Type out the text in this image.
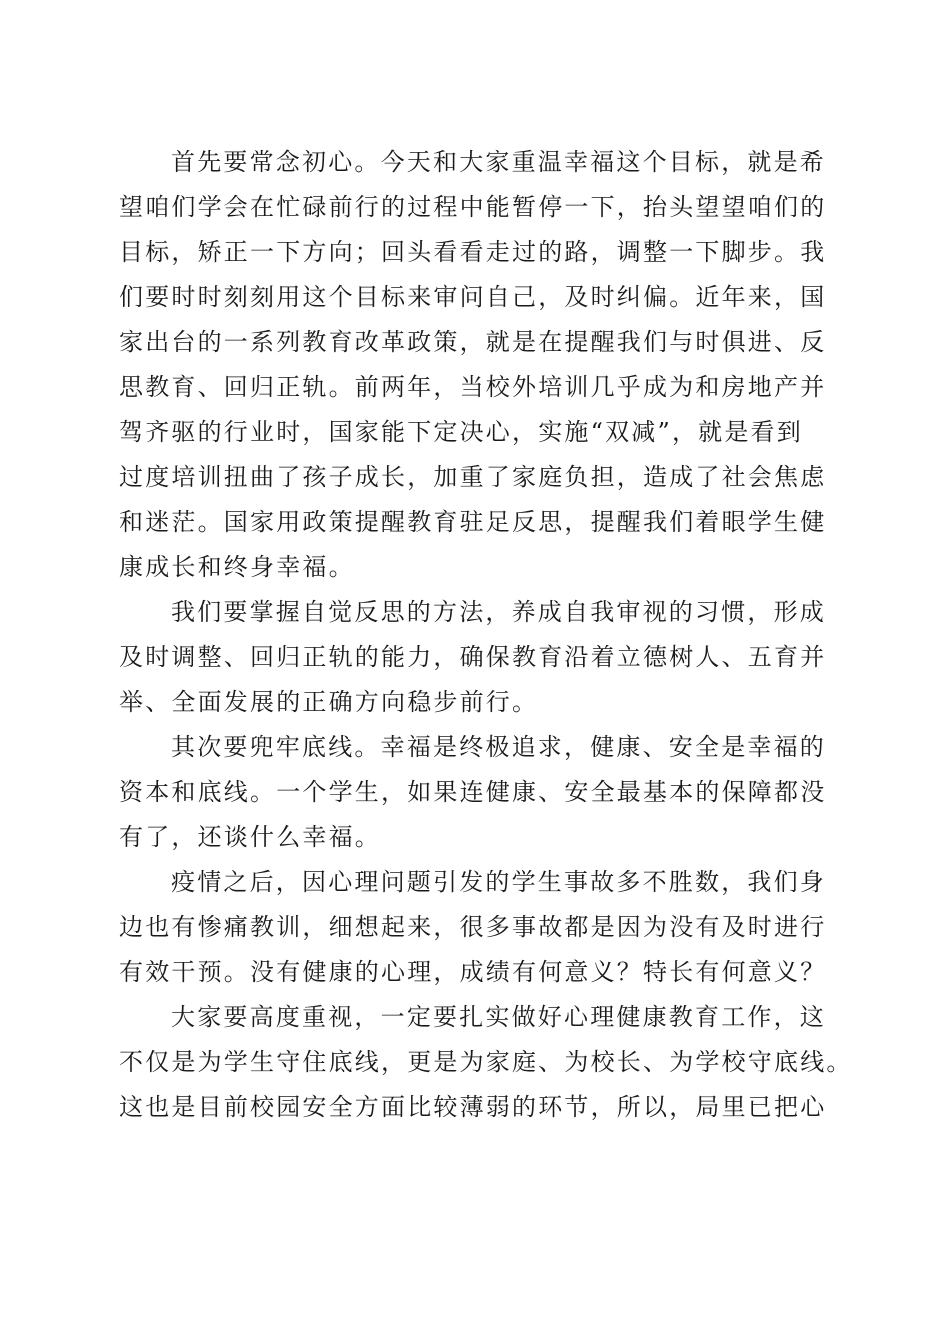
首先要常念初心。今天和大家重温幸福这个目标，就是希
望咱们学会在忙碌前行的过程中能暂停一下，抬头望望咱们的
目标，矫正一下方向；回头看看走过的路，调整一下脚步。我
们要时时刻刻用这个目标来审问自己，及时纠偏。近年来，国
家出台的一系列教育改革政策，就是在提醒我们与时俱进、反
思教育、回归正轨。前两年，当校外培训几乎成为和房地产并
驾齐驱的行业时，国家能下定决心，实施“双减”，就是看到
过度培训扭曲了孩子成长，加重了家庭负担，造成了社会焦虑
和迷茫。国家用政策提醒教育驻足反思，提醒我们着眼学生健
康成长和终身幸福。
我们要掌握自觉反思的方法，养成自我审视的习惯，形成
及时调整、回归正轨的能力，确保教育沿着立德树人、五育并
举、全面发展的正确方向稳步前行。
其次要兜牢底线。幸福是终极追求，健康、安全是幸福的
资本和底线。一个学生，如果连健康、安全最基本的保障都没
有了，还谈什么幸福。
疫情之后，因心理问题引发的学生事故多不胜数，我们身
边也有惨痛教训，细想起来，很多事故都是因为没有及时进行
有效干预。没有健康的心理，成绩有何意义？特长有何意义？
大家要高度重视，一定要扎实做好心理健康教育工作，这
不仅是为学生守住底线，更是为家庭、为校长、为学校守底线。
这也是目前校园安全方面比较薄弱的环节，所以，局里已把心
